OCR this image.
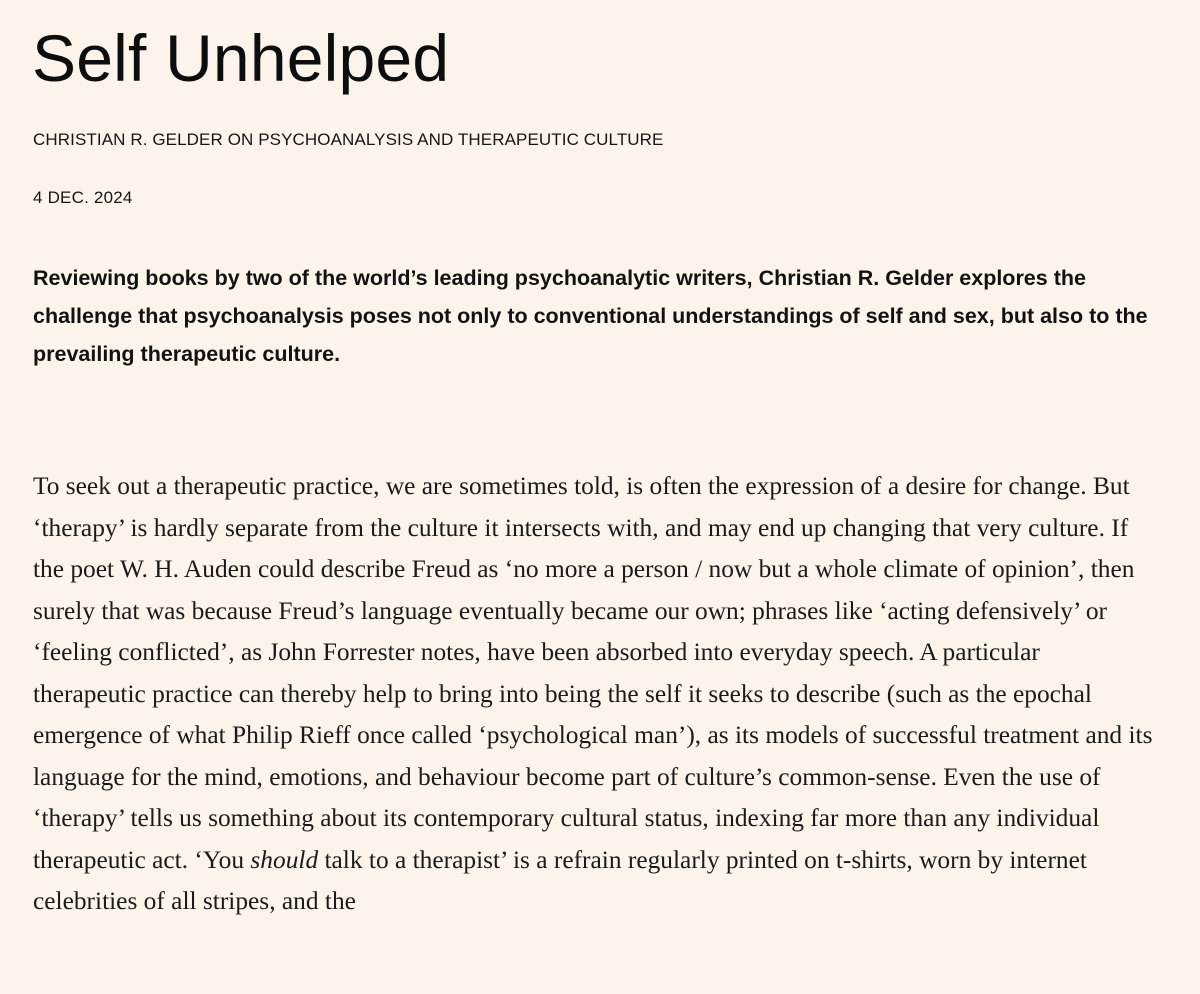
Self Unhelped

CHRISTIAN R. GELDER ON PSYCHOANALYSIS AND THERAPEUTIC CULTURE

4 DEC. 2024

Reviewing books by two of the world’s leading psychoanalytic writers, Christian R. Gelder explores the challenge that psychoanalysis poses not only to conventional understandings of self and sex, but also to the prevailing therapeutic culture.

To seek out a therapeutic practice, we are sometimes told, is often the expression of a desire for change. But ‘therapy’ is hardly separate from the culture it intersects with, and may end up changing that very culture. If the poet W. H. Auden could describe Freud as ‘no more a person / now but a whole climate of opinion’, then surely that was because Freud’s language eventually became our own; phrases like ‘acting defensively’ or ‘feeling conflicted’, as John Forrester notes, have been absorbed into everyday speech. A particular therapeutic practice can thereby help to bring into being the self it seeks to describe (such as the epochal emergence of what Philip Rieff once called ‘psychological man’), as its models of successful treatment and its language for the mind, emotions, and behaviour become part of culture’s common-sense. Even the use of ‘therapy’ tells us something about its contemporary cultural status, indexing far more than any individual therapeutic act. ‘You should talk to a therapist’ is a refrain regularly printed on t-shirts, worn by internet celebrities of all stripes, and the
